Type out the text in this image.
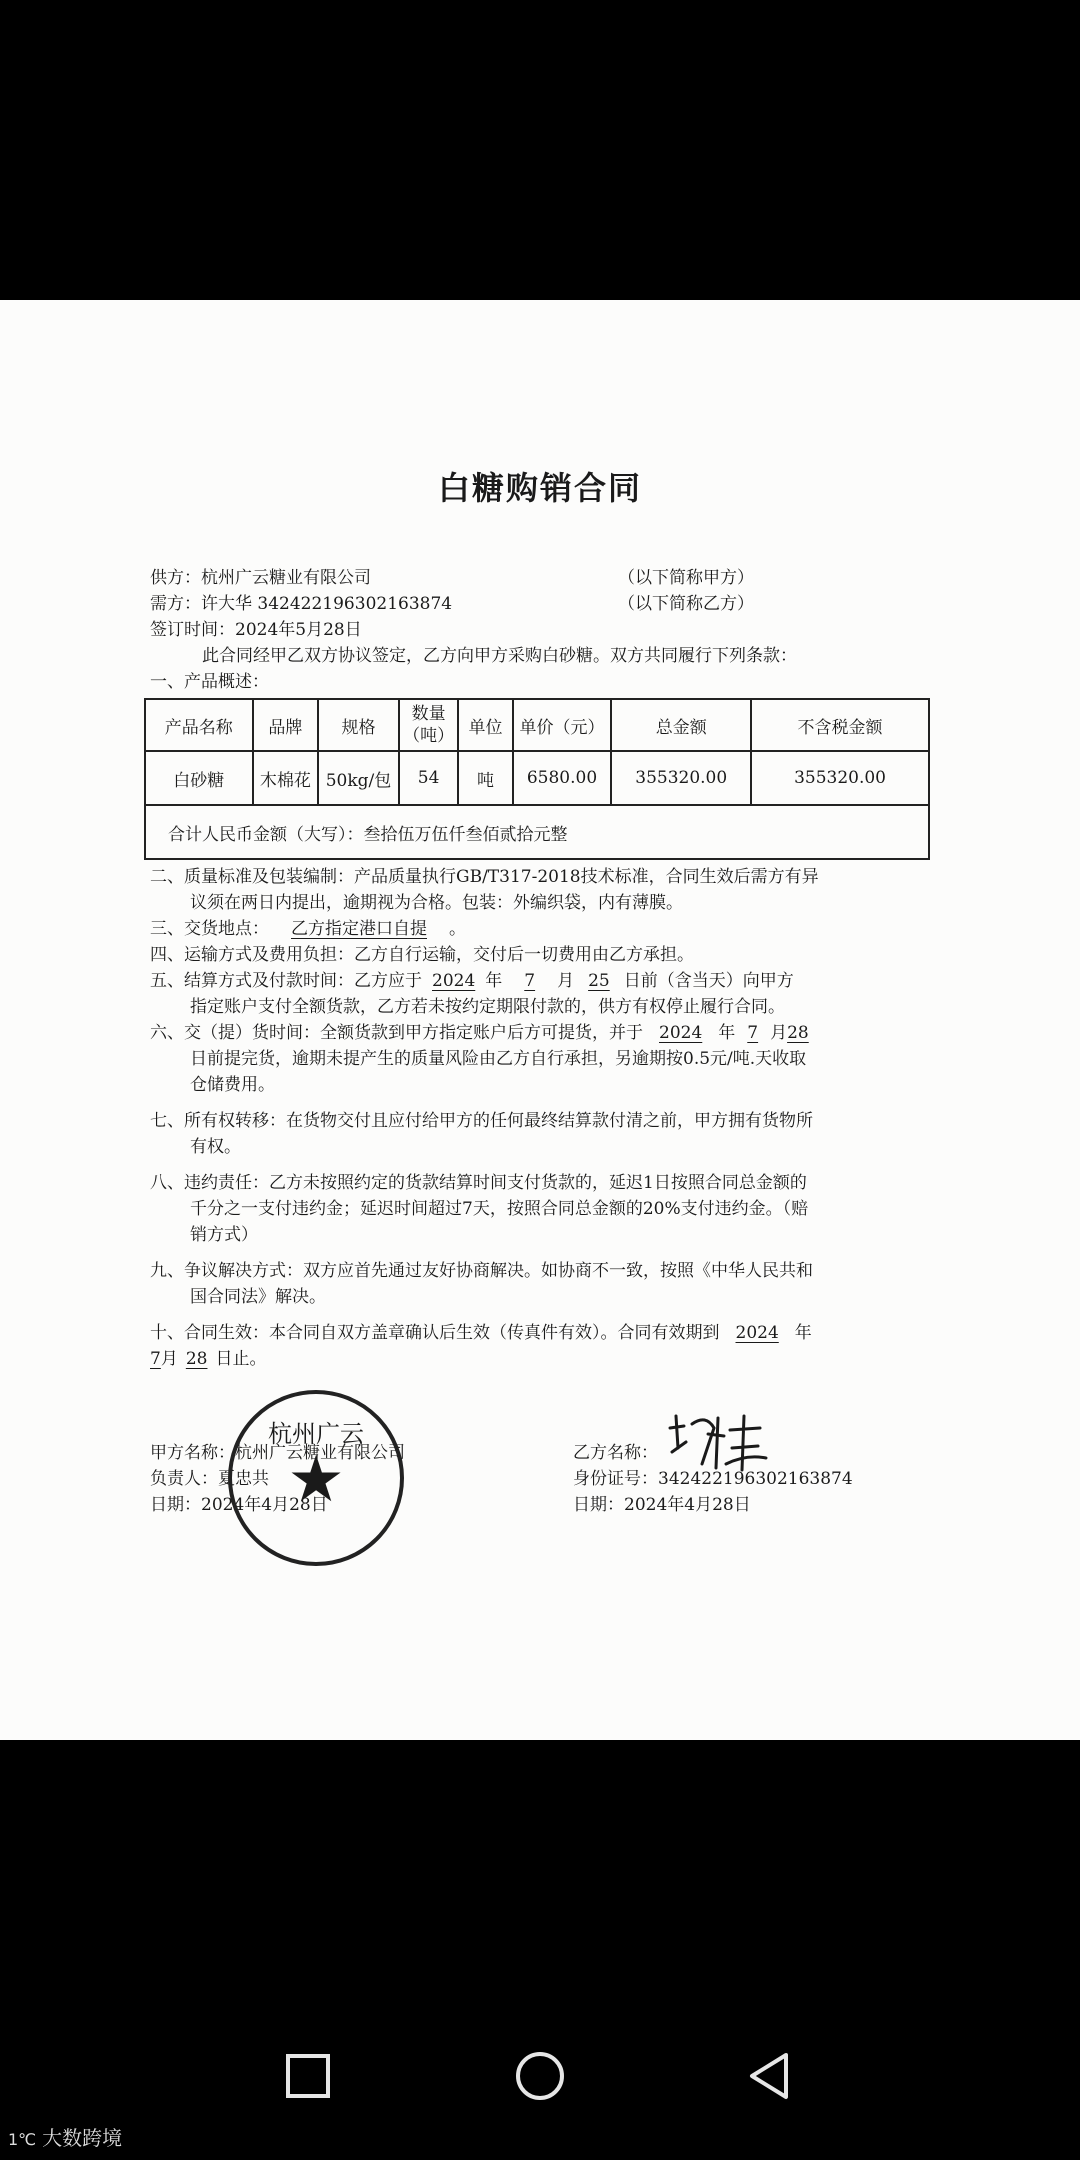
白糖购销合同
供方：杭州广云糖业有限公司	（以下简称甲方）
需方：许大华 342422196302163874	（以下简称乙方）
签订时间：2024年5月28日
此合同经甲乙双方协议签定，乙方向甲方采购白砂糖。双方共同履行下列条款：
一、产品概述：
产品名称	品牌	规格	数量（吨）	单位	单价（元）	总金额	不含税金额
白砂糖	木棉花	50kg/包	54	吨	6580.00	355320.00	355320.00
合计人民币金额（大写）：叁拾伍万伍仟叁佰贰拾元整							
二、质量标准及包装编制：产品质量执行GB/T317-2018技术标准，合同生效后需方有异
议须在两日内提出，逾期视为合格。包装：外编织袋，内有薄膜。
三、交货地点： 乙方指定港口自提 。
四、运输方式及费用负担：乙方自行运输，交付后一切费用由乙方承担。
五、结算方式及付款时间：乙方应于 2024 年 7 月 25 日前（含当天）向甲方
指定账户支付全额货款，乙方若未按约定期限付款的，供方有权停止履行合同。
六、交（提）货时间：全额货款到甲方指定账户后方可提货，并于 2024 年 7 月28
日前提完货，逾期未提产生的质量风险由乙方自行承担，另逾期按0.5元/吨.天收取
仓储费用。
七、所有权转移：在货物交付且应付给甲方的任何最终结算款付清之前，甲方拥有货物所
有权。
八、违约责任：乙方未按照约定的货款结算时间支付货款的，延迟1日按照合同总金额的
千分之一支付违约金；延迟时间超过7天，按照合同总金额的20%支付违约金。（赔
销方式）
九、争议解决方式：双方应首先通过友好协商解决。如协商不一致，按照《中华人民共和
国合同法》解决。
十、合同生效：本合同自双方盖章确认后生效（传真件有效）。合同有效期到 2024 年
7月 28 日止。
甲方名称：杭州广云糖业有限公司
负责人：夏忠共
日期：2024年4月28日
乙方名称：
身份证号：342422196302163874
日期：2024年4月28日
杭州广云
★
1℃ 大数跨境
